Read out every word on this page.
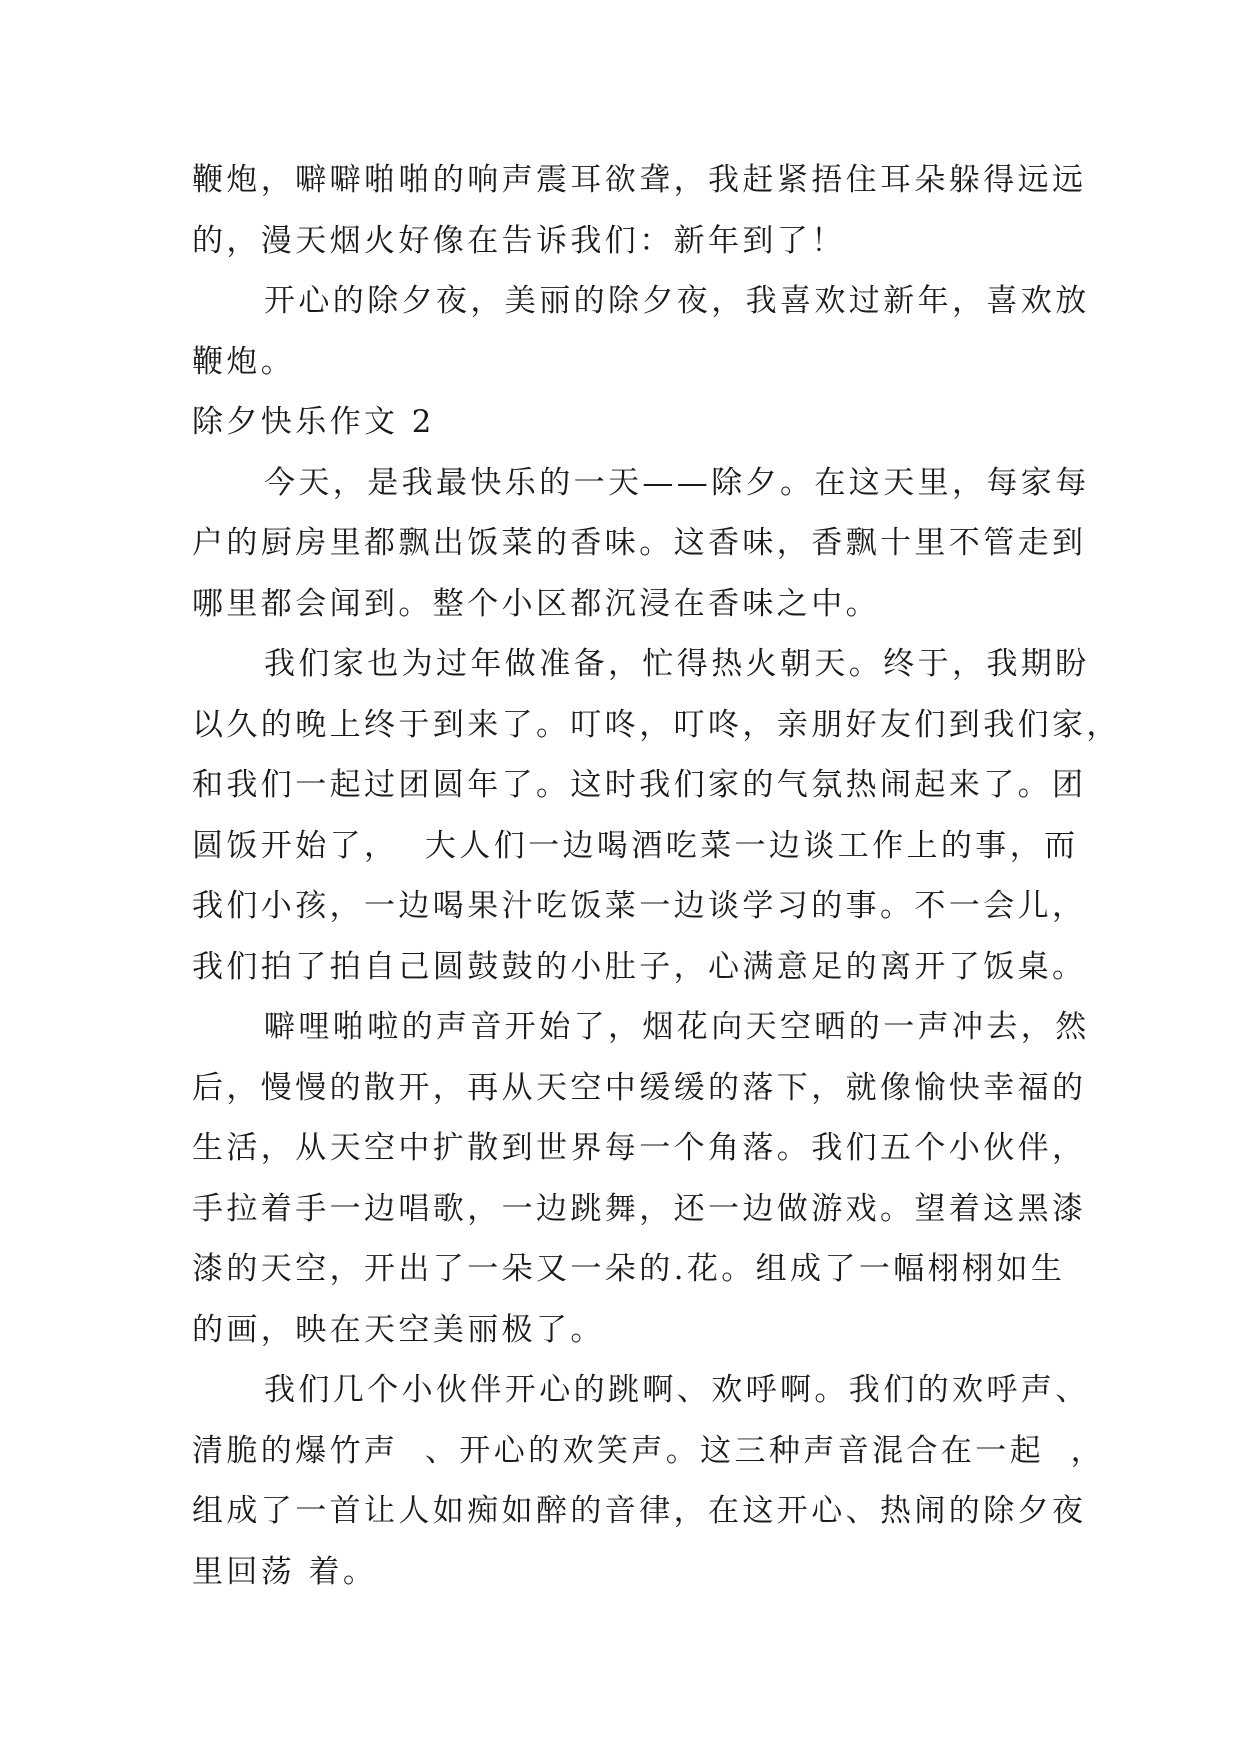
鞭炮，噼噼啪啪的响声震耳欲聋，我赶紧捂住耳朵躲得远远
的，漫天烟火好像在告诉我们：新年到了！
开心的除夕夜，美丽的除夕夜，我喜欢过新年，喜欢放
鞭炮。
除夕快乐作文 2
今天，是我最快乐的一天——除夕。在这天里，每家每
户的厨房里都飘出饭菜的香味。这香味，香飘十里不管走到
哪里都会闻到。整个小区都沉浸在香味之中。
我们家也为过年做准备，忙得热火朝天。终于，我期盼
以久的晚上终于到来了。叮咚，叮咚，亲朋好友们到我们家，
和我们一起过团圆年了。这时我们家的气氛热闹起来了。团
圆饭开始了，  大人们一边喝酒吃菜一边谈工作上的事，而
我们小孩，一边喝果汁吃饭菜一边谈学习的事。不一会儿，
我们拍了拍自己圆鼓鼓的小肚子，心满意足的离开了饭桌。
噼哩啪啦的声音开始了，烟花向天空晒的一声冲去，然
后，慢慢的散开，再从天空中缓缓的落下，就像愉快幸福的
生活，从天空中扩散到世界每一个角落。我们五个小伙伴，
手拉着手一边唱歌，一边跳舞，还一边做游戏。望着这黑漆
漆的天空，开出了一朵又一朵的.花。组成了一幅栩栩如生
的画，映在天空美丽极了。
我们几个小伙伴开心的跳啊、欢呼啊。我们的欢呼声、
清脆的爆竹声  、开心的欢笑声。这三种声音混合在一起  ，
组成了一首让人如痴如醉的音律，在这开心、热闹的除夕夜
里回荡 着。
